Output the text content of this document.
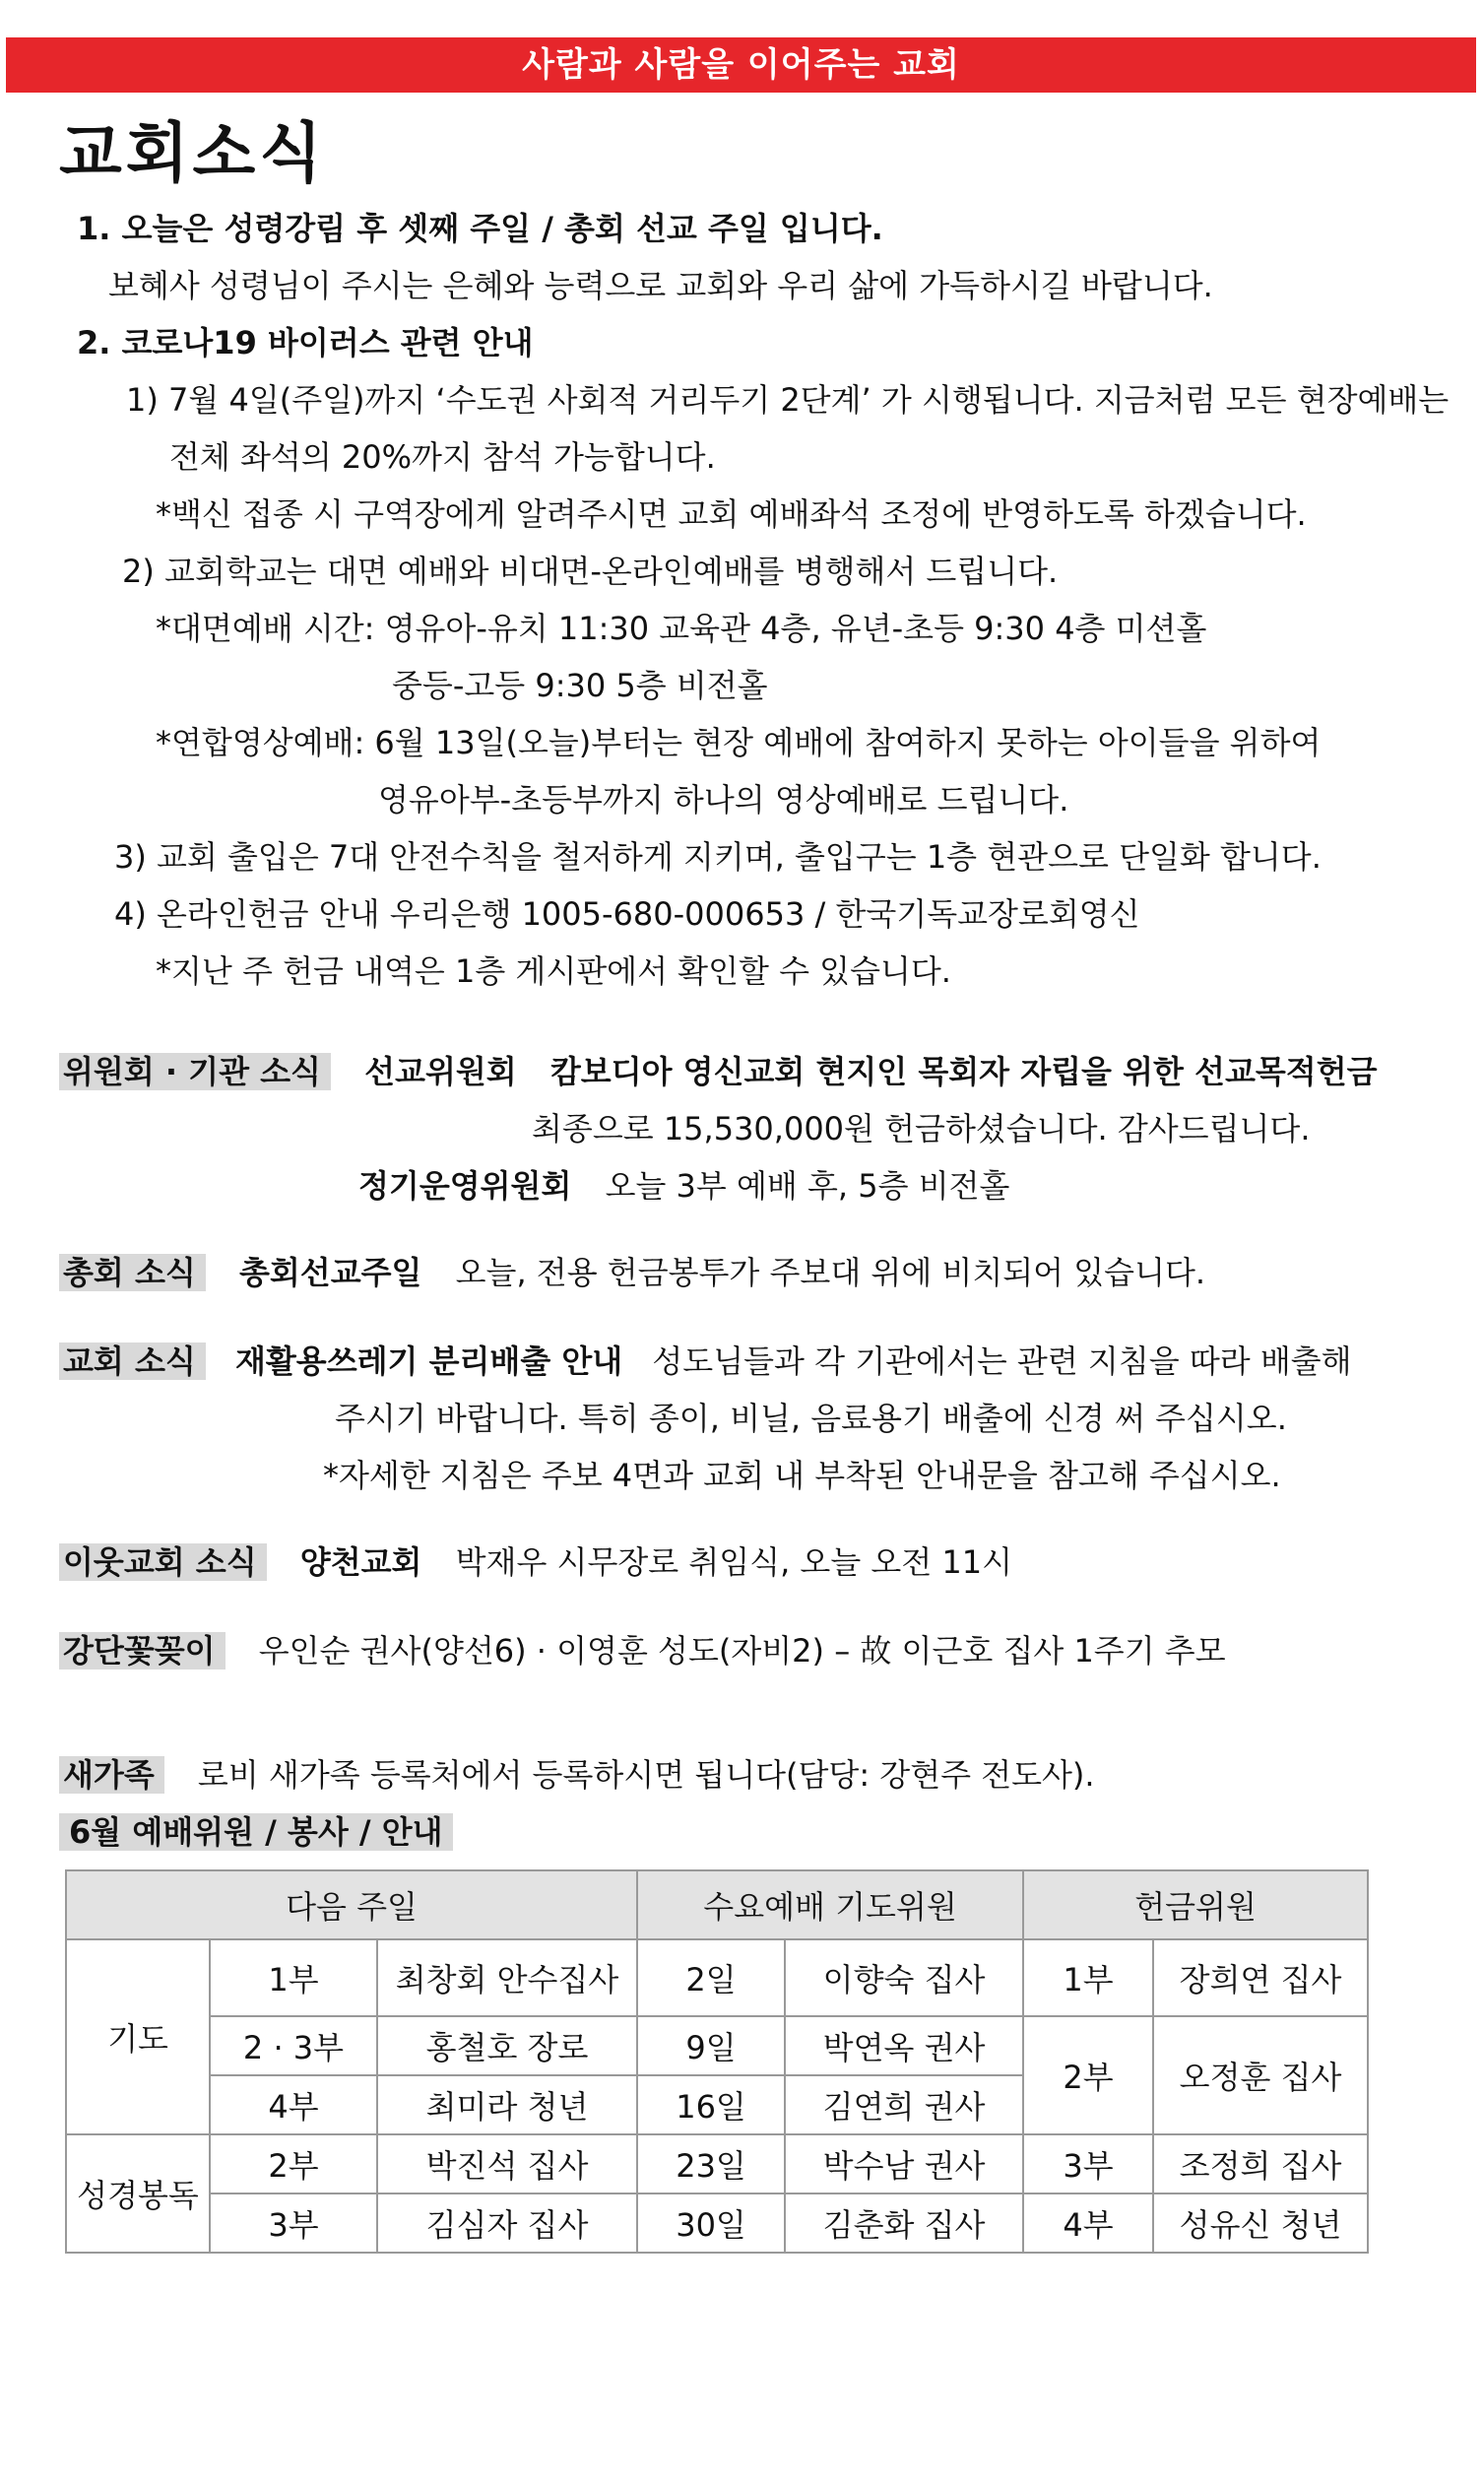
사람과 사람을 이어주는 교회
교회소식
1. 오늘은 성령강림 후 셋째 주일 / 총회 선교 주일 입니다.
보혜사 성령님이 주시는 은혜와 능력으로 교회와 우리 삶에 가득하시길 바랍니다.
2. 코로나19 바이러스 관련 안내
1) 7월 4일(주일)까지 ‘수도권 사회적 거리두기 2단계’ 가 시행됩니다. 지금처럼 모든 현장예배는
전체 좌석의 20%까지 참석 가능합니다.
*백신 접종 시 구역장에게 알려주시면 교회 예배좌석 조정에 반영하도록 하겠습니다.
2) 교회학교는 대면 예배와 비대면-온라인예배를 병행해서 드립니다.
*대면예배 시간: 영유아-유치 11:30 교육관 4층, 유년-초등 9:30 4층 미션홀
중등-고등 9:30 5층 비전홀
*연합영상예배: 6월 13일(오늘)부터는 현장 예배에 참여하지 못하는 아이들을 위하여
영유아부-초등부까지 하나의 영상예배로 드립니다.
3) 교회 출입은 7대 안전수칙을 철저하게 지키며, 출입구는 1층 현관으로 단일화 합니다.
4) 온라인헌금 안내 우리은행 1005-680-000653 / 한국기독교장로회영신
*지난 주 헌금 내역은 1층 게시판에서 확인할 수 있습니다.
위원회 · 기관 소식 선교위원회 캄보디아 영신교회 현지인 목회자 자립을 위한 선교목적헌금
최종으로 15,530,000원 헌금하셨습니다. 감사드립니다.
정기운영위원회 오늘 3부 예배 후, 5층 비전홀
총회 소식 총회선교주일 오늘, 전용 헌금봉투가 주보대 위에 비치되어 있습니다.
교회 소식 재활용쓰레기 분리배출 안내 성도님들과 각 기관에서는 관련 지침을 따라 배출해
주시기 바랍니다. 특히 종이, 비닐, 음료용기 배출에 신경 써 주십시오.
*자세한 지침은 주보 4면과 교회 내 부착된 안내문을 참고해 주십시오.
이웃교회 소식 양천교회 박재우 시무장로 취임식, 오늘 오전 11시
강단꽃꽂이 우인순 권사(양선6) · 이영훈 성도(자비2) – 故 이근호 집사 1주기 추모
새가족 로비 새가족 등록처에서 등록하시면 됩니다(담당: 강현주 전도사).
6월 예배위원 / 봉사 / 안내
다음 주일			수요예배 기도위원		헌금위원	
기도	1부	최창회 안수집사	2일	이향숙 집사	1부	장희연 집사
	2 · 3부	홍철호 장로	9일	박연옥 권사	2부	오정훈 집사
	4부	최미라 청년	16일	김연희 권사		
성경봉독	2부	박진석 집사	23일	박수남 권사	3부	조정희 집사
	3부	김심자 집사	30일	김춘화 집사	4부	성유신 청년
